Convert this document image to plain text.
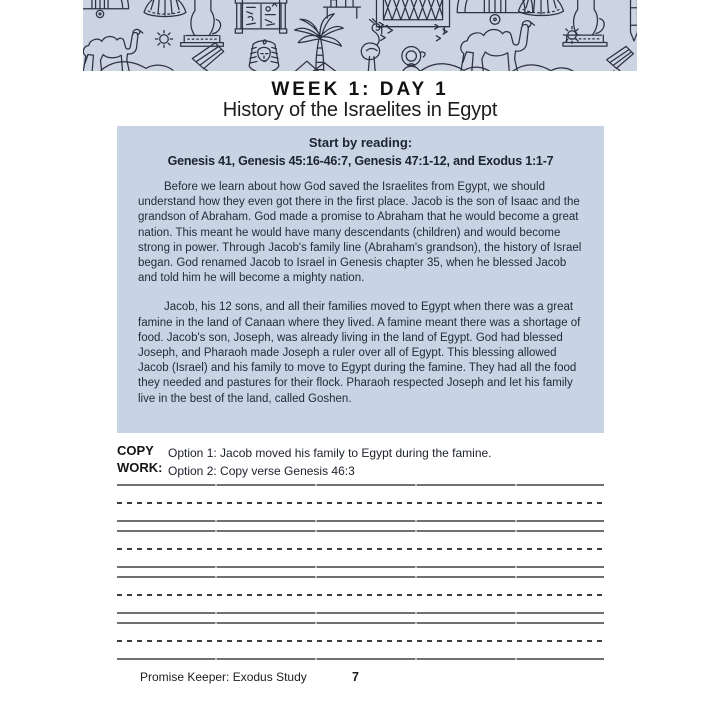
WEEK 1: DAY 1
History of the Israelites in Egypt
Start by reading:
Genesis 41, Genesis 45:16-46:7, Genesis 47:1-12, and Exodus 1:1-7

Before we learn about how God saved the Israelites from Egypt, we should understand how they even got there in the first place. Jacob is the son of Isaac and the grandson of Abraham. God made a promise to Abraham that he would become a great nation. This meant he would have many descendants (children) and would become strong in power. Through Jacob's family line (Abraham's grandson), the history of Israel began. God renamed Jacob to Israel in Genesis chapter 35, when he blessed Jacob and told him he will become a mighty nation.

Jacob, his 12 sons, and all their families moved to Egypt when there was a great famine in the land of Canaan where they lived. A famine meant there was a shortage of food. Jacob's son, Joseph, was already living in the land of Egypt. God had blessed Joseph, and Pharaoh made Joseph a ruler over all of Egypt. This blessing allowed Jacob (Israel) and his family to move to Egypt during the famine. They had all the food they needed and pastures for their flock. Pharaoh respected Joseph and let his family live in the best of the land, called Goshen.

COPY
WORK:
Option 1: Jacob moved his family to Egypt during the famine.
Option 2: Copy verse Genesis 46:3
Promise Keeper: Exodus Study	7
